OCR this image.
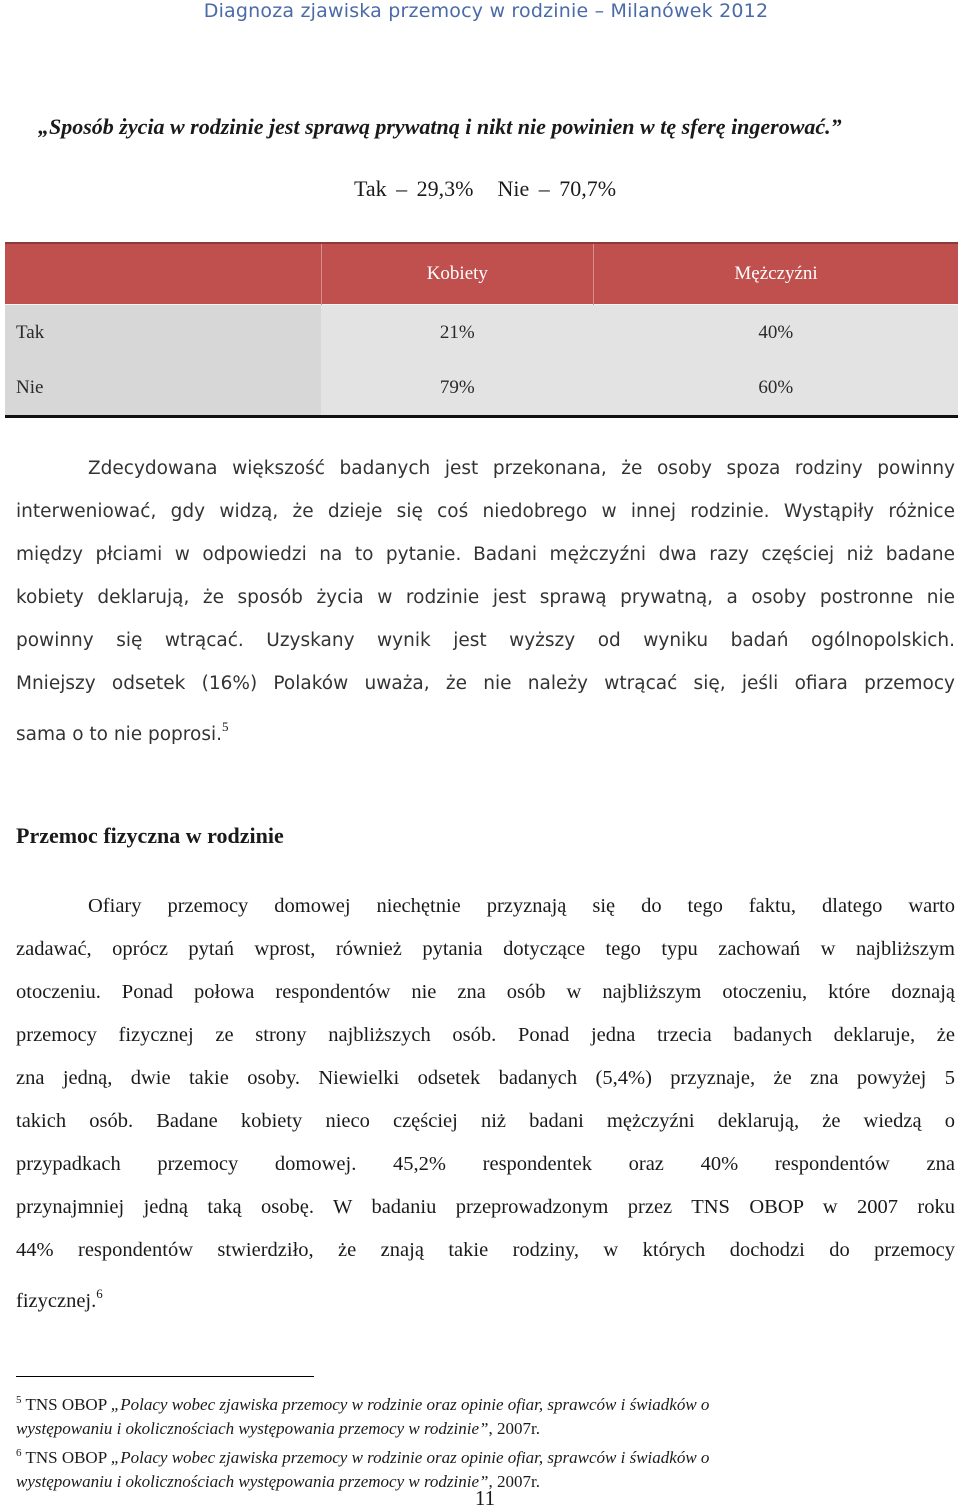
Diagnoza zjawiska przemocy w rodzinie – Milanówek 2012
„Sposób życia w rodzinie jest sprawą prywatną i nikt nie powinien w tę sferę ingerować.”
Tak – 29,3% Nie – 70,7%
	Kobiety	Mężczyźni
Tak	21%	40%
Nie	79%	60%
Zdecydowana większość badanych jest przekonana, że osoby spoza rodziny powinny
interweniować, gdy widzą, że dzieje się coś niedobrego w innej rodzinie. Wystąpiły różnice
między płciami w odpowiedzi na to pytanie. Badani mężczyźni dwa razy częściej niż badane
kobiety deklarują, że sposób życia w rodzinie jest sprawą prywatną, a osoby postronne nie
powinny się wtrącać. Uzyskany wynik jest wyższy od wyniku badań ogólnopolskich.
Mniejszy odsetek (16%) Polaków uważa, że nie należy wtrącać się, jeśli ofiara przemocy
sama o to nie poprosi.$^5$
Przemoc fizyczna w rodzinie
Ofiary przemocy domowej niechętnie przyznają się do tego faktu, dlatego warto
zadawać, oprócz pytań wprost, również pytania dotyczące tego typu zachowań w najbliższym
otoczeniu. Ponad połowa respondentów nie zna osób w najbliższym otoczeniu, które doznają
przemocy fizycznej ze strony najbliższych osób. Ponad jedna trzecia badanych deklaruje, że
zna jedną, dwie takie osoby. Niewielki odsetek badanych (5,4%) przyznaje, że zna powyżej 5
takich osób. Badane kobiety nieco częściej niż badani mężczyźni deklarują, że wiedzą o
przypadkach przemocy domowej. 45,2% respondentek oraz 40% respondentów zna
przynajmniej jedną taką osobę. W badaniu przeprowadzonym przez TNS OBOP w 2007 roku
44% respondentów stwierdziło, że znają takie rodziny, w których dochodzi do przemocy
fizycznej.$^6$
$^5$ TNS OBOP „Polacy wobec zjawiska przemocy w rodzinie oraz opinie ofiar, sprawców i świadków o
występowaniu i okolicznościach występowania przemocy w rodzinie”, 2007r.
$^6$ TNS OBOP „Polacy wobec zjawiska przemocy w rodzinie oraz opinie ofiar, sprawców i świadków o
występowaniu i okolicznościach występowania przemocy w rodzinie”, 2007r.
11
